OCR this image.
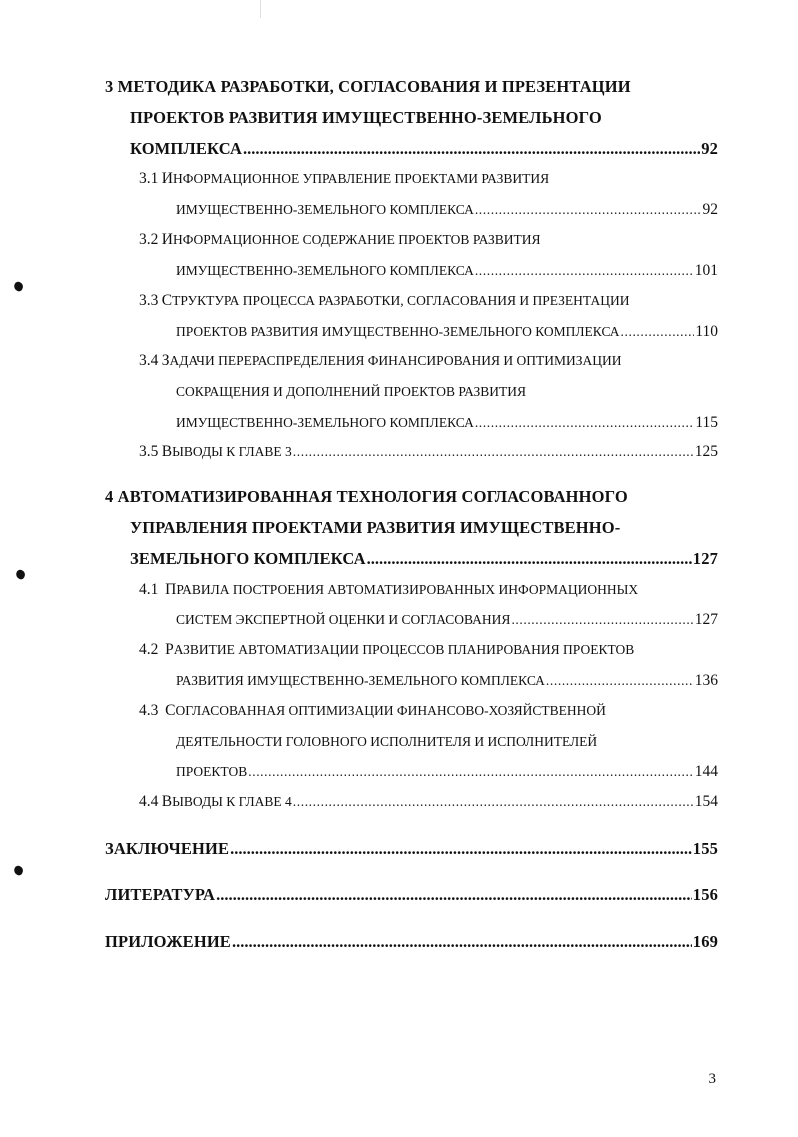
3 МЕТОДИКА РАЗРАБОТКИ, СОГЛАСОВАНИЯ И ПРЕЗЕНТАЦИИ
ПРОЕКТОВ РАЗВИТИЯ ИМУЩЕСТВЕННО-ЗЕМЕЛЬНОГО
КОМПЛЕКСА .....	92
3.1 ИНФОРМАЦИОННОЕ УПРАВЛЕНИЕ ПРОЕКТАМИ РАЗВИТИЯ
ИМУЩЕСТВЕННО-ЗЕМЕЛЬНОГО КОМПЛЕКСА .....	92
3.2 ИНФОРМАЦИОННОЕ СОДЕРЖАНИЕ ПРОЕКТОВ РАЗВИТИЯ
ИМУЩЕСТВЕННО-ЗЕМЕЛЬНОГО КОМПЛЕКСА .....	101
3.3 СТРУКТУРА ПРОЦЕССА РАЗРАБОТКИ, СОГЛАСОВАНИЯ И ПРЕЗЕНТАЦИИ
ПРОЕКТОВ РАЗВИТИЯ ИМУЩЕСТВЕННО-ЗЕМЕЛЬНОГО КОМПЛЕКСА .....	110
3.4 ЗАДАЧИ ПЕРЕРАСПРЕДЕЛЕНИЯ ФИНАНСИРОВАНИЯ И ОПТИМИЗАЦИИ
СОКРАЩЕНИЯ И ДОПОЛНЕНИЙ ПРОЕКТОВ РАЗВИТИЯ
ИМУЩЕСТВЕННО-ЗЕМЕЛЬНОГО КОМПЛЕКСА .....	115
3.5
В ЫВОДЫ К ГЛАВЕ 3 .....	125
4 АВТОМАТИЗИРОВАННАЯ ТЕХНОЛОГИЯ СОГЛАСОВАННОГО
УПРАВЛЕНИЯ ПРОЕКТАМИ РАЗВИТИЯ ИМУЩЕСТВЕННО-
ЗЕМЕЛЬНОГО КОМПЛЕКСА .....	127
4.1 ПРАВИЛА ПОСТРОЕНИЯ АВТОМАТИЗИРОВАННЫХ ИНФОРМАЦИОННЫХ
СИСТЕМ ЭКСПЕРТНОЙ ОЦЕНКИ И СОГЛАСОВАНИЯ .....	127
4.2 РАЗВИТИЕ АВТОМАТИЗАЦИИ ПРОЦЕССОВ ПЛАНИРОВАНИЯ ПРОЕКТОВ
РАЗВИТИЯ ИМУЩЕСТВЕННО-ЗЕМЕЛЬНОГО КОМПЛЕКСА .....	136
4.3 СОГЛАСОВАННАЯ ОПТИМИЗАЦИИ ФИНАНСОВО-ХОЗЯЙСТВЕННОЙ
ДЕЯТЕЛЬНОСТИ ГОЛОВНОГО ИСПОЛНИТЕЛЯ И ИСПОЛНИТЕЛЕЙ
ПРОЕКТОВ .....	144
4.4
В ЫВОДЫ К ГЛАВЕ 4 .....	154
ЗАКЛЮЧЕНИЕ .....	155
ЛИТЕРАТУРА .....	156
ПРИЛОЖЕНИЕ .....	169
3
